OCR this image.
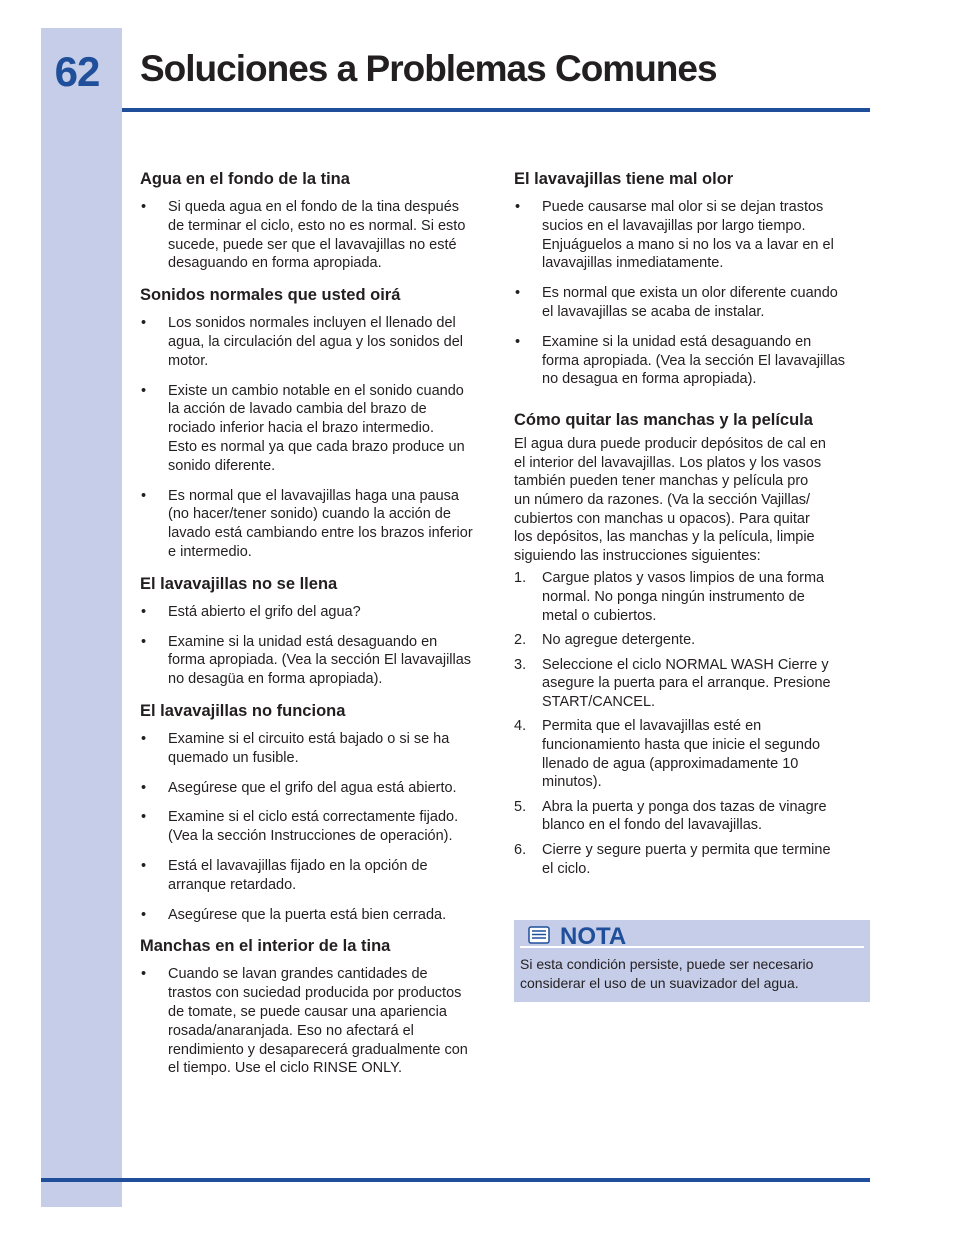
62	Soluciones a Problemas Comunes
Agua en el fondo de la tina
• Si queda agua en el fondo de la tina después
de terminar el ciclo, esto no es normal. Si esto
sucede, puede ser que el lavavajillas no esté
desaguando en forma apropiada.
Sonidos normales que usted oirá
• Los sonidos normales incluyen el llenado del
agua, la circulación del agua y los sonidos del
motor.
• Existe un cambio notable en el sonido cuando
la acción de lavado cambia del brazo de
rociado inferior hacia el brazo intermedio.
Esto es normal ya que cada brazo produce un
sonido diferente.
• Es normal que el lavavajillas haga una pausa
(no hacer/tener sonido) cuando la acción de
lavado está cambiando entre los brazos inferior
e intermedio.
El lavavajillas no se llena
• Está abierto el grifo del agua?
• Examine si la unidad está desaguando en
forma apropiada. (Vea la sección El lavavajillas
no desagüa en forma apropiada).
El lavavajillas no funciona
• Examine si el circuito está bajado o si se ha
quemado un fusible.
• Asegúrese que el grifo del agua está abierto.
• Examine si el ciclo está correctamente fijado.
(Vea la sección Instrucciones de operación).
• Está el lavavajillas fijado en la opción de
arranque retardado.
• Asegúrese que la puerta está bien cerrada.
Manchas en el interior de la tina
• Cuando se lavan grandes cantidades de
trastos con suciedad producida por productos
de tomate, se puede causar una apariencia
rosada/anaranjada. Eso no afectará el
rendimiento y desaparecerá gradualmente con
el tiempo. Use el ciclo RINSE ONLY.
El lavavajillas tiene mal olor
• Puede causarse mal olor si se dejan trastos
sucios en el lavavajillas por largo tiempo.
Enjuáguelos a mano si no los va a lavar en el
lavavajillas inmediatamente.
• Es normal que exista un olor diferente cuando
el lavavajillas se acaba de instalar.
• Examine si la unidad está desaguando en
forma apropiada. (Vea la sección El lavavajillas
no desagua en forma apropiada).
Cómo quitar las manchas y la película

El agua dura puede producir depósitos de cal en
el interior del lavavajillas. Los platos y los vasos
también pueden tener manchas y película pro
un número da razones. (Va la sección Vajillas/
cubiertos con manchas u opacos). Para quitar
los depósitos, las manchas y la película, limpie
siguiendo las instrucciones siguientes:

1. Cargue platos y vasos limpios de una forma
normal. No ponga ningún instrumento de
metal o cubiertos.
2. No agregue detergente.
3. Seleccione el ciclo NORMAL WASH Cierre y
asegure la puerta para el arranque. Presione
START/CANCEL.
4. Permita que el lavavajillas esté en
funcionamiento hasta que inicie el segundo
llenado de agua (approximadamente 10
minutos).
5. Abra la puerta y ponga dos tazas de vinagre
blanco en el fondo del lavavajillas.
6. Cierre y segure puerta y permita que termine
el ciclo.
NOTA

Si esta condición persiste, puede ser necesario
considerar el uso de un suavizador del agua.
